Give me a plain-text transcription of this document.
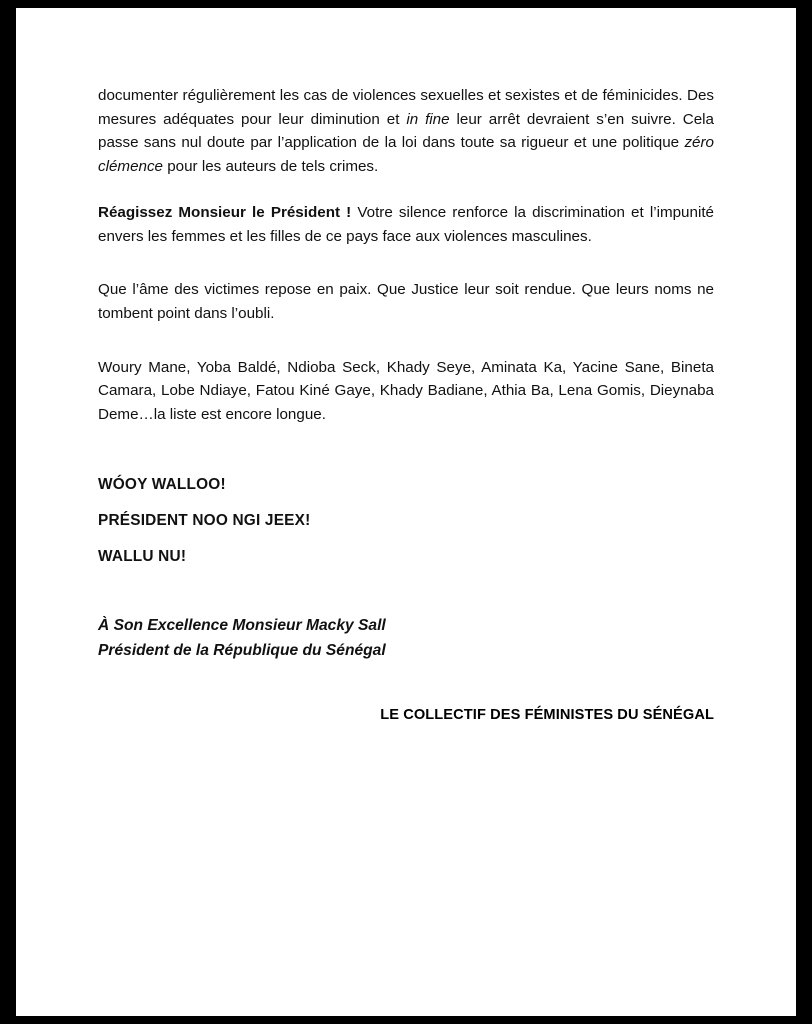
documenter régulièrement les cas de violences sexuelles et sexistes et de féminicides. Des mesures adéquates pour leur diminution et in fine leur arrêt devraient s’en suivre. Cela passe sans nul doute par l’application de la loi dans toute sa rigueur et une politique zéro clémence pour les auteurs de tels crimes.

Réagissez Monsieur le Président ! Votre silence renforce la discrimination et l’impunité envers les femmes et les filles de ce pays face aux violences masculines.

Que l’âme des victimes repose en paix. Que Justice leur soit rendue. Que leurs noms ne tombent point dans l’oubli.

Woury Mane, Yoba Baldé, Ndioba Seck, Khady Seye, Aminata Ka, Yacine Sane, Bineta Camara, Lobe Ndiaye, Fatou Kiné Gaye, Khady Badiane, Athia Ba, Lena Gomis, Dieynaba Deme…la liste est encore longue.

WÓOY WALLOO!

PRÉSIDENT NOO NGI JEEX!

WALLU NU!

À Son Excellence Monsieur Macky Sall

Président de la République du Sénégal

LE COLLECTIF DES FÉMINISTES DU SÉNÉGAL
